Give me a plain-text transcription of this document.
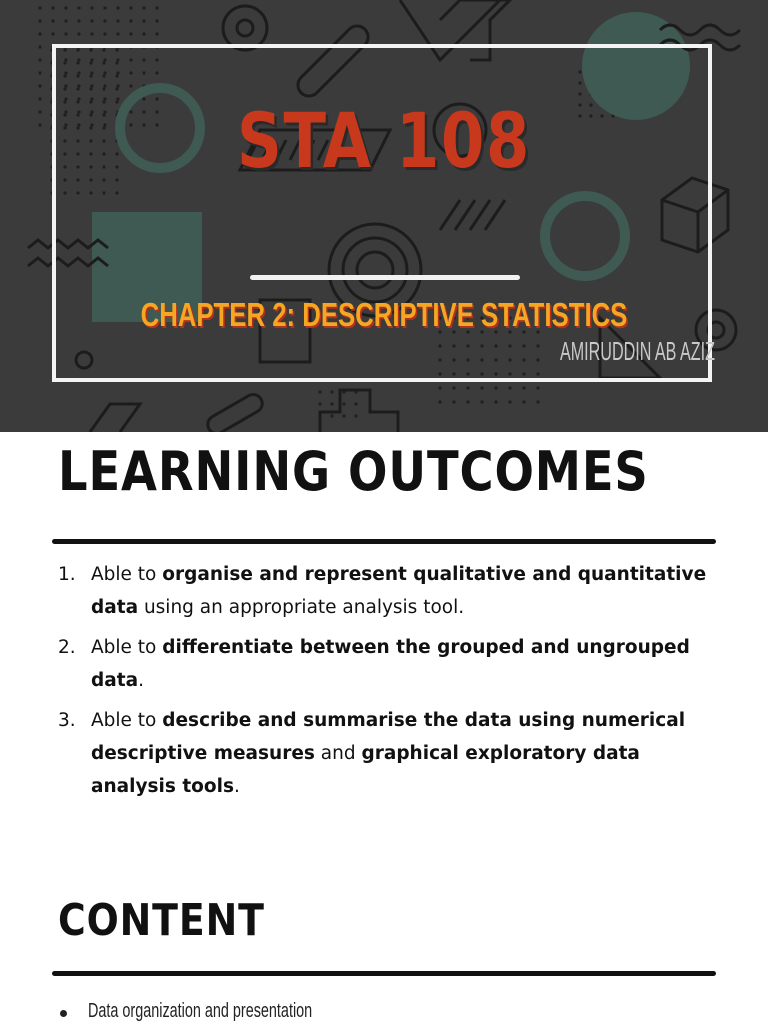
STA 108
CHAPTER 2: DESCRIPTIVE STATISTICS
AMIRUDDIN AB AZIZ
LEARNING OUTCOMES
1. Able to organise and represent qualitative and quantitative data using an appropriate analysis tool.
2. Able to differentiate between the grouped and ungrouped data.
3. Able to describe and summarise the data using numerical descriptive measures and graphical exploratory data analysis tools.
CONTENT
Data organization and presentation
